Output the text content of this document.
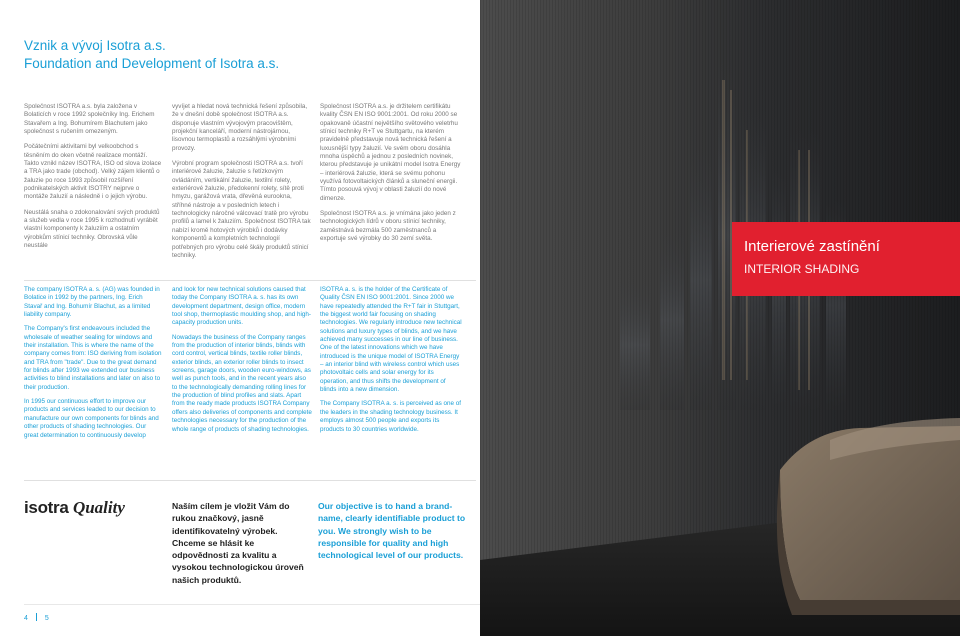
Vznik a vývoj Isotra a.s.
Foundation and Development of Isotra a.s.

Společnost ISOTRA a.s. byla založena v Bolaticích v roce 1992 společníky Ing. Erichem Stavařem a Ing. Bohumírem Blachutem jako společnost s ručením omezeným.

Počátečními aktivitami byl velkoobchod s těsněním do oken včetně realizace montáží. Takto vznikl název ISOTRA, ISO od slova izolace a TRA jako trade (obchod). Velký zájem klientů o žaluzie po roce 1993 způsobil rozšíření podnikatelských aktivit ISOTRY nejprve o montáže žaluzií a následně i o jejich výrobu.

Neustálá snaha o zdokonalování svých produktů a služeb vedla v roce 1995 k rozhodnutí vyrábět vlastní komponenty k žaluziím a ostatním výrobkům stínicí techniky. Obrovská vůle neustále

vyvíjet a hledat nová technická řešení způsobila, že v dnešní době společnost ISOTRA a.s. disponuje vlastním vývojovým pracovištěm, projekční kanceláří, moderní nástrojárnou, lisovnou termoplastů a rozsáhlými výrobními provozy.

Výrobní program společnosti ISOTRA a.s. tvoří interiérové žaluzie, žaluzie s řetízkovým ovládáním, vertikální žaluzie, textilní rolety, exteriérové žaluzie, předokenní rolety, sítě proti hmyzu, garážová vrata, dřevěná eurookna, stříhné nástroje a v posledních letech i technologicky náročné válcovací tratě pro výrobu profilů a lamel k žaluziím. Společnost ISOTRA tak nabízí kromě hotových výrobků i dodávky komponentů a kompletních technologií potřebných pro výrobu celé škály produktů stínicí techniky.

Společnost ISOTRA a.s. je držitelem certifikátu kvality ČSN EN ISO 9001:2001. Od roku 2000 se opakovaně účastní největšího světového veletrhu stínicí techniky R+T ve Stuttgartu, na kterém pravidelně představuje nová technická řešení a luxusnější typy žaluzií. Ve svém oboru dosáhla mnoha úspěchů a jednou z posledních novinek, kterou představuje je unikátní model Isotra Energy – interiérová žaluzie, která se svému pohonu využívá fotovoltaických článků a sluneční energii. Tímto posouvá vývoj v oblasti žaluzií do nové dimenze.

Společnost ISOTRA a.s. je vnímána jako jeden z technologických lídrů v oboru stínicí techniky, zaměstnává bezmála 500 zaměstnanců a exportuje své výrobky do 30 zemí světa.

The company ISOTRA a. s. (AG) was founded in Bolatice in 1992 by the partners, Ing. Erich Stavař and Ing. Bohumír Blachut, as a limited liability company.

The Company's first endeavours included the wholesale of weather sealing for windows and their installation. This is where the name of the company comes from: ISO deriving from isolation and TRA from "trade". Due to the great demand for blinds after 1993 we extended our business activities to blind installations and later on also to their production.

In 1995 our continuous effort to improve our products and services leaded to our decision to manufacture our own components for blinds and other products of shading technologies. Our great determination to continuously develop

and look for new technical solutions caused that today the Company ISOTRA a. s. has its own development department, design office, modern tool shop, thermoplastic moulding shop, and high-capacity production units.

Nowadays the business of the Company ranges from the production of interior blinds, blinds with cord control, vertical blinds, textile roller blinds, exterior blinds, an exterior roller blinds to insect screens, garage doors, wooden euro-windows, as well as punch tools, and in the recent years also to the technologically demanding rolling lines for the production of blind profiles and slats. Apart from the ready made products ISOTRA Company offers also deliveries of components and complete technologies necessary for the production of the whole range of products of shading technologies.

ISOTRA a. s. is the holder of the Certificate of Quality ČSN EN ISO 9001:2001. Since 2000 we have repeatedly attended the R+T fair in Stuttgart, the biggest world fair focusing on shading technologies. We regularly introduce new technical solutions and luxury types of blinds, and we have achieved many successes in our line of business. One of the latest innovations which we have introduced is the unique model of ISOTRA Energy – an interior blind with wireless control which uses photovoltaic cells and solar energy for its operation, and thus shifts the development of blinds into a new dimension.

The Company ISOTRA a. s. is perceived as one of the leaders in the shading technology business. It employs almost 500 people and exports its products to 30 countries worldwide.

isotra Quality	Naším cílem je vložit Vám do rukou značkový, jasně identifikovatelný výrobek. Chceme se hlásit ke odpovědnosti za kvalitu a vysokou technologickou úroveň našich produktů.
Our objective is to hand a brand-name, clearly identifiable product to you. We strongly wish to be responsible for quality and high technological level of our products.
4 5
Interierové zastínění
INTERIOR SHADING
